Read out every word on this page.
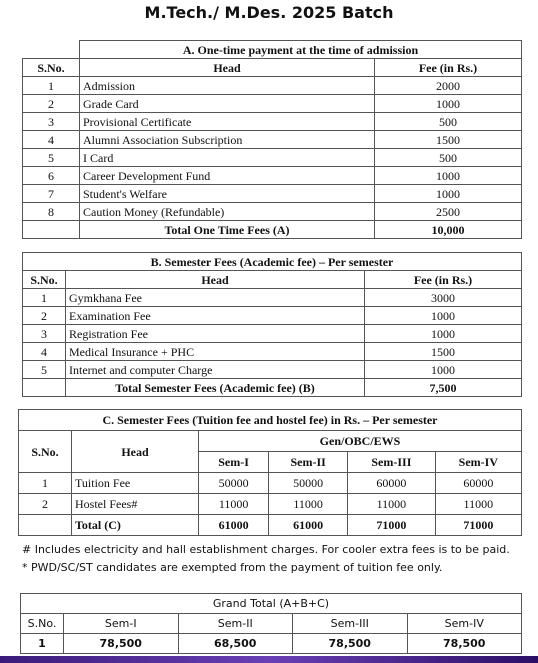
M.Tech./ M.Des. 2025 Batch
	A. One-time payment at the time of admission	
S.No.	Head	Fee (in Rs.)
1	Admission	2000
2	Grade Card	1000
3	Provisional Certificate	500
4	Alumni Association Subscription	1500
5	I Card	500
6	Career Development Fund	1000
7	Student's Welfare	1000
8	Caution Money (Refundable)	2500
	Total One Time Fees (A)	10,000
B. Semester Fees (Academic fee) – Per semester		
S.No.	Head	Fee (in Rs.)
1	Gymkhana Fee	3000
2	Examination Fee	1000
3	Registration Fee	1000
4	Medical Insurance + PHC	1500
5	Internet and computer Charge	1000
	Total Semester Fees (Academic fee) (B)	7,500
C. Semester Fees (Tuition fee and hostel fee) in Rs. – Per semester					
S.No.	Head	Gen/OBC/EWS			
		Sem-I	Sem-II	Sem-III	Sem-IV
1	Tuition Fee	50000	50000	60000	60000
2	Hostel Fees#	11000	11000	11000	11000
	Total (C)	61000	61000	71000	71000
# Includes electricity and hall establishment charges. For cooler extra fees is to be paid.
* PWD/SC/ST candidates are exempted from the payment of tuition fee only.
Grand Total (A+B+C)				
S.No.	Sem-I	Sem-II	Sem-III	Sem-IV
1	78,500	68,500	78,500	78,500
